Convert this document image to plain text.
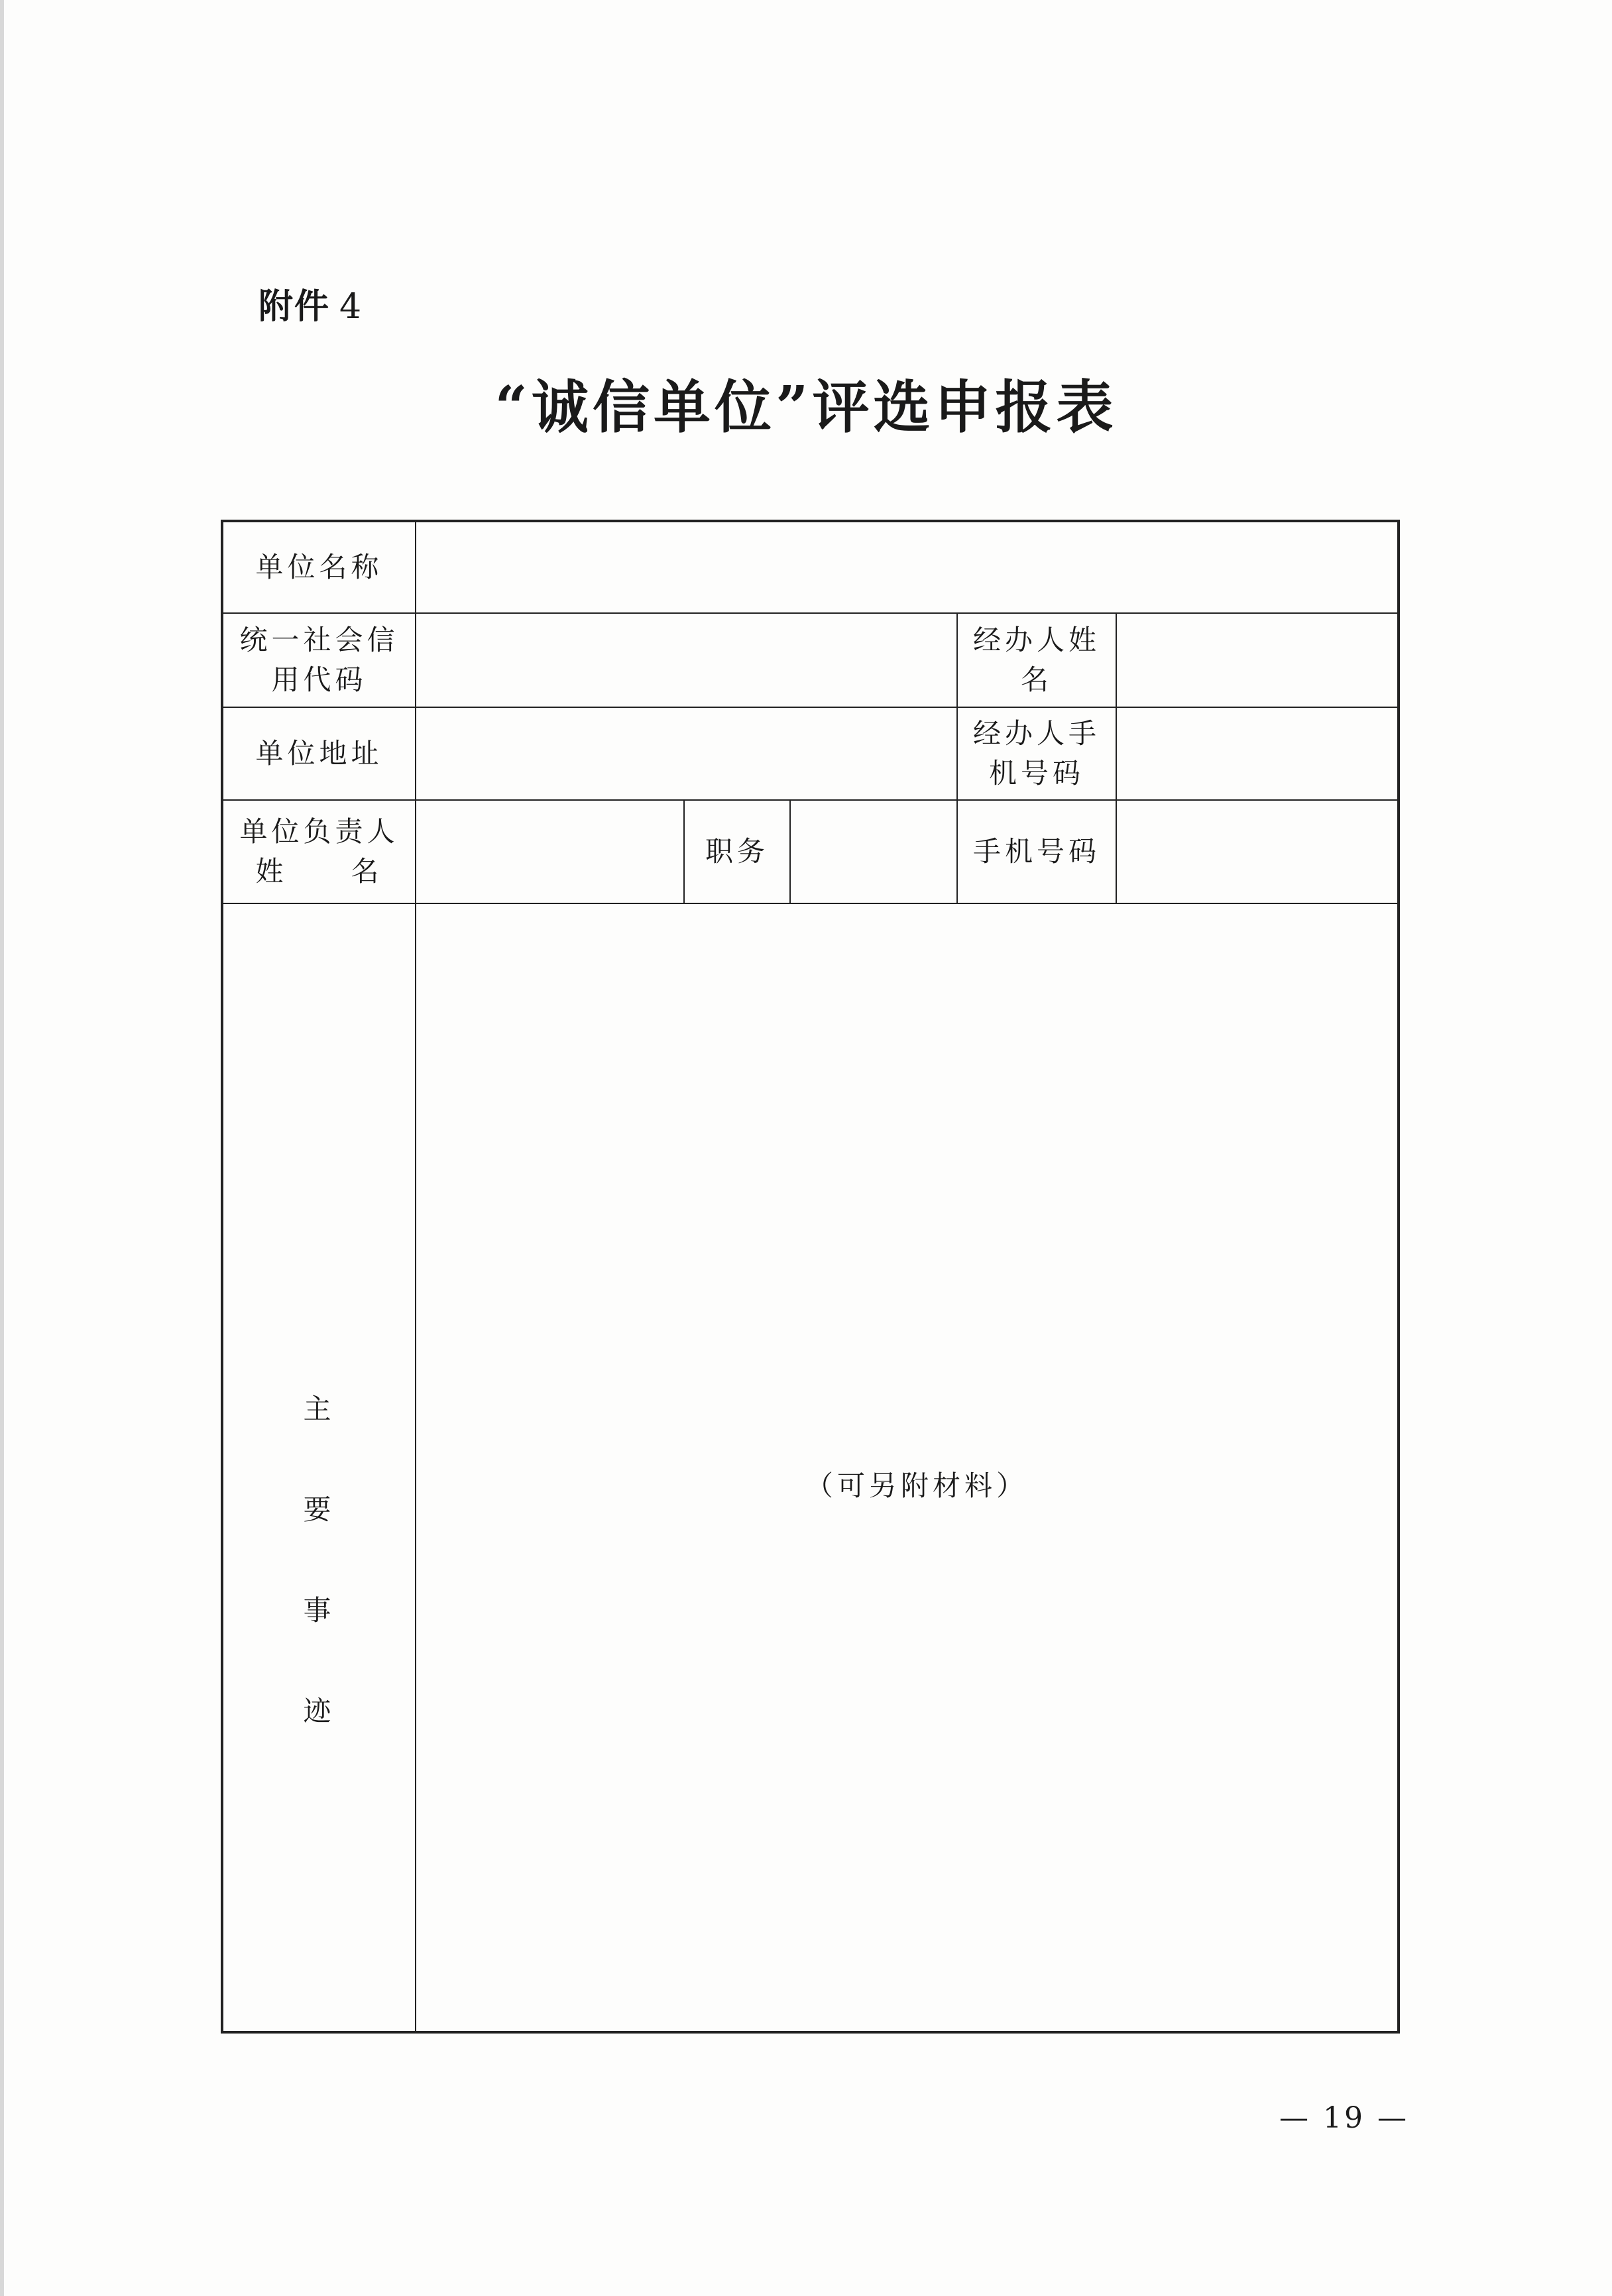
附件 4
“诚信单位”评选申报表
单位名称					
统一社会信用代码				经办人姓名	
单位地址				经办人手机号码	
单位负责人姓　　名		职务		手机号码	

主
要
事
迹	（可另附材料）				
— 19 —
